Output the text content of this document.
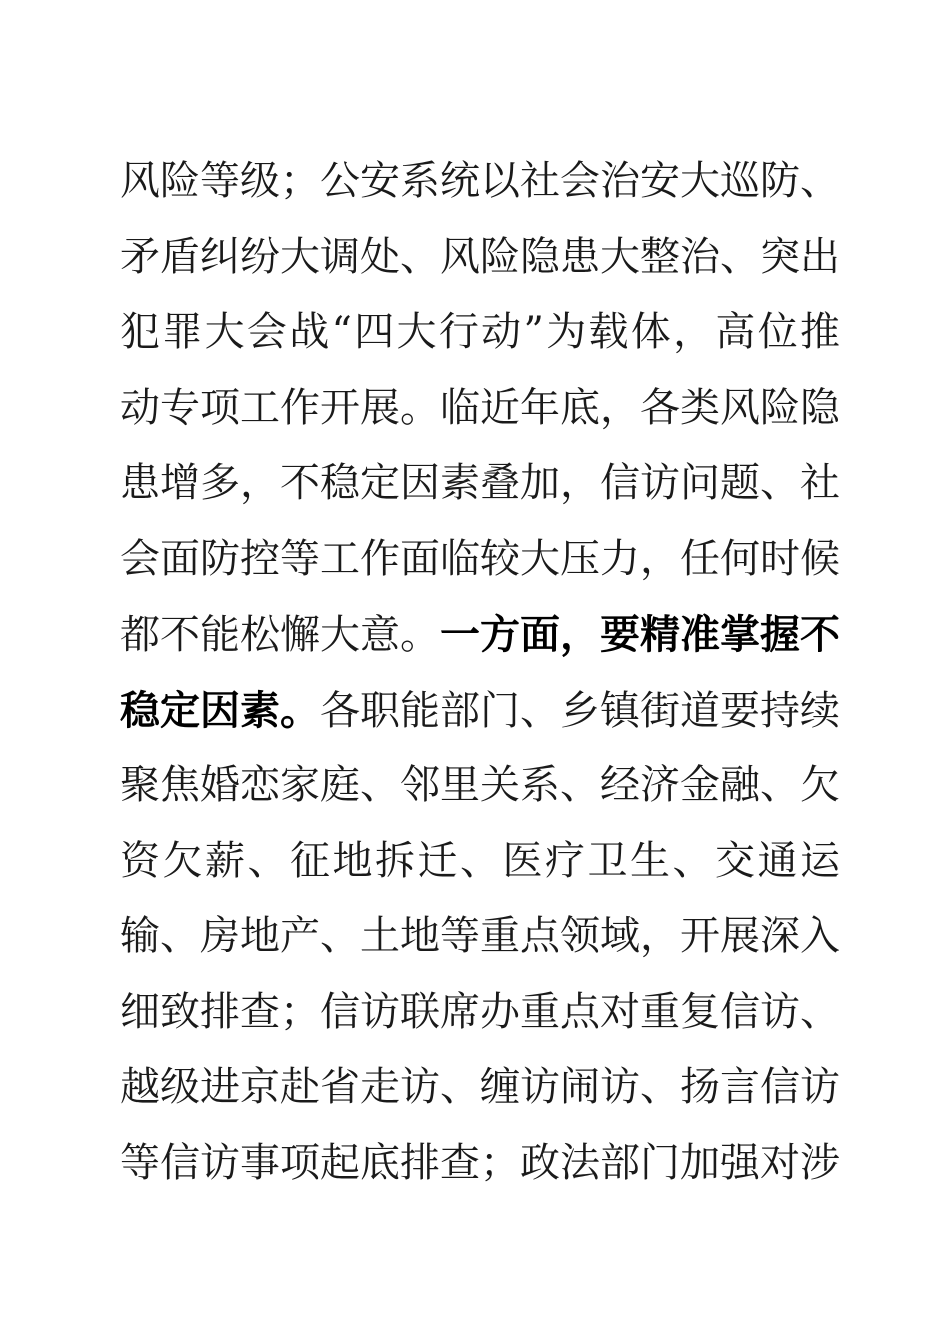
风险等级；公安系统以社会治安大巡防、
矛盾纠纷大调处、风险隐患大整治、突出
犯罪大会战“四大行动”为载体，高位推
动专项工作开展。临近年底，各类风险隐
患增多，不稳定因素叠加，信访问题、社
会面防控等工作面临较大压力，任何时候
都不能松懈大意。一方面，要精准掌握不
稳定因素。各职能部门、乡镇街道要持续
聚焦婚恋家庭、邻里关系、经济金融、欠
资欠薪、征地拆迁、医疗卫生、交通运
输、房地产、土地等重点领域，开展深入
细致排查；信访联席办重点对重复信访、
越级进京赴省走访、缠访闹访、扬言信访
等信访事项起底排查；政法部门加强对涉
